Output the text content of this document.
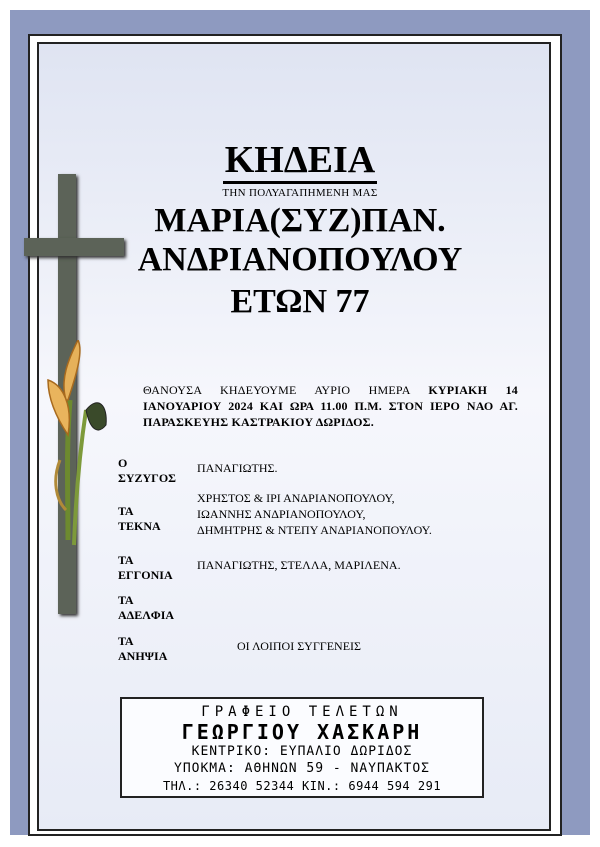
ΚΗΔΕΙΑ
ΤΗΝ ΠΟΛΥΑΓΑΠΗΜΕΝΗ ΜΑΣ
ΜΑΡΙΑ(ΣΥΖ)ΠΑΝ.
ΑΝΔΡΙΑΝΟΠΟΥΛΟΥ
ΕΤΩΝ 77
ΘΑΝΟΥΣΑ ΚΗΔΕΥΟΥΜΕ ΑΥΡΙΟ ΗΜΕΡΑ ΚΥΡΙΑΚΗ 14 ΙΑΝΟΥΑΡΙΟΥ 2024 ΚΑΙ ΩΡΑ 11.00 Π.Μ. ΣΤΟΝ ΙΕΡΟ ΝΑΟ ΑΓ. ΠΑΡΑΣΚΕΥΗΣ ΚΑΣΤΡΑΚΙΟΥ ΔΩΡΙΔΟΣ.
Ο
ΣΥΖΥΓΟΣ
ΠΑΝΑΓΙΩΤΗΣ.
ΤΑ
ΤΕΚΝΑ
ΧΡΗΣΤΟΣ & ΙΡΙ ΑΝΔΡΙΑΝΟΠΟΥΛΟΥ,
ΙΩΑΝΝΗΣ ΑΝΔΡΙΑΝΟΠΟΥΛΟΥ,
ΔΗΜΗΤΡΗΣ & ΝΤΕΠΥ ΑΝΔΡΙΑΝΟΠΟΥΛΟΥ.
ΤΑ
ΕΓΓΟΝΙΑ
ΠΑΝΑΓΙΩΤΗΣ, ΣΤΕΛΛΑ, ΜΑΡΙΛΕΝΑ.
ΤΑ
ΑΔΕΛΦΙΑ
ΤΑ
ΑΝΗΨΙΑ
ΟΙ ΛΟΙΠΟΙ ΣΥΓΓΕΝΕΙΣ
ΓΡΑΦΕΙΟ ΤΕΛΕΤΩΝ
ΓΕΩΡΓΙΟΥ ΧΑΣΚΑΡΗ
ΚΕΝΤΡΙΚΟ: ΕΥΠΑΛΙΟ ΔΩΡΙΔΟΣ
ΥΠΟΚΜΑ: ΑΘΗΝΩΝ 59 - ΝΑΥΠΑΚΤΟΣ
ΤΗΛ.: 26340 52344 ΚΙΝ.: 6944 594 291
